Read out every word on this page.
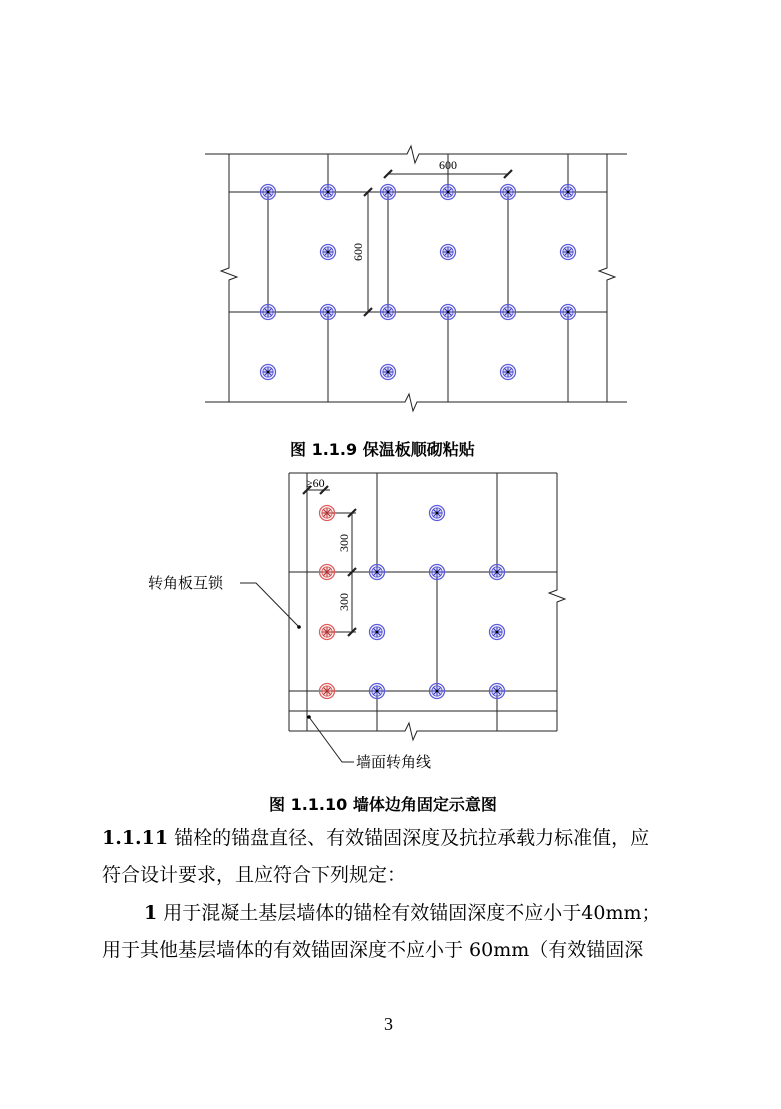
600
600
≥60
300
300
转角板互锁
墙面转角线
图 1.1.9 保温板顺砌粘贴
图 1.1.10 墙体边角固定示意图
1.1.11 锚栓的锚盘直径、有效锚固深度及抗拉承载力标准值，应
符合设计要求，且应符合下列规定：
1 用于混凝土基层墙体的锚栓有效锚固深度不应小于40mm；
用于其他基层墙体的有效锚固深度不应小于 60mm（有效锚固深
3
